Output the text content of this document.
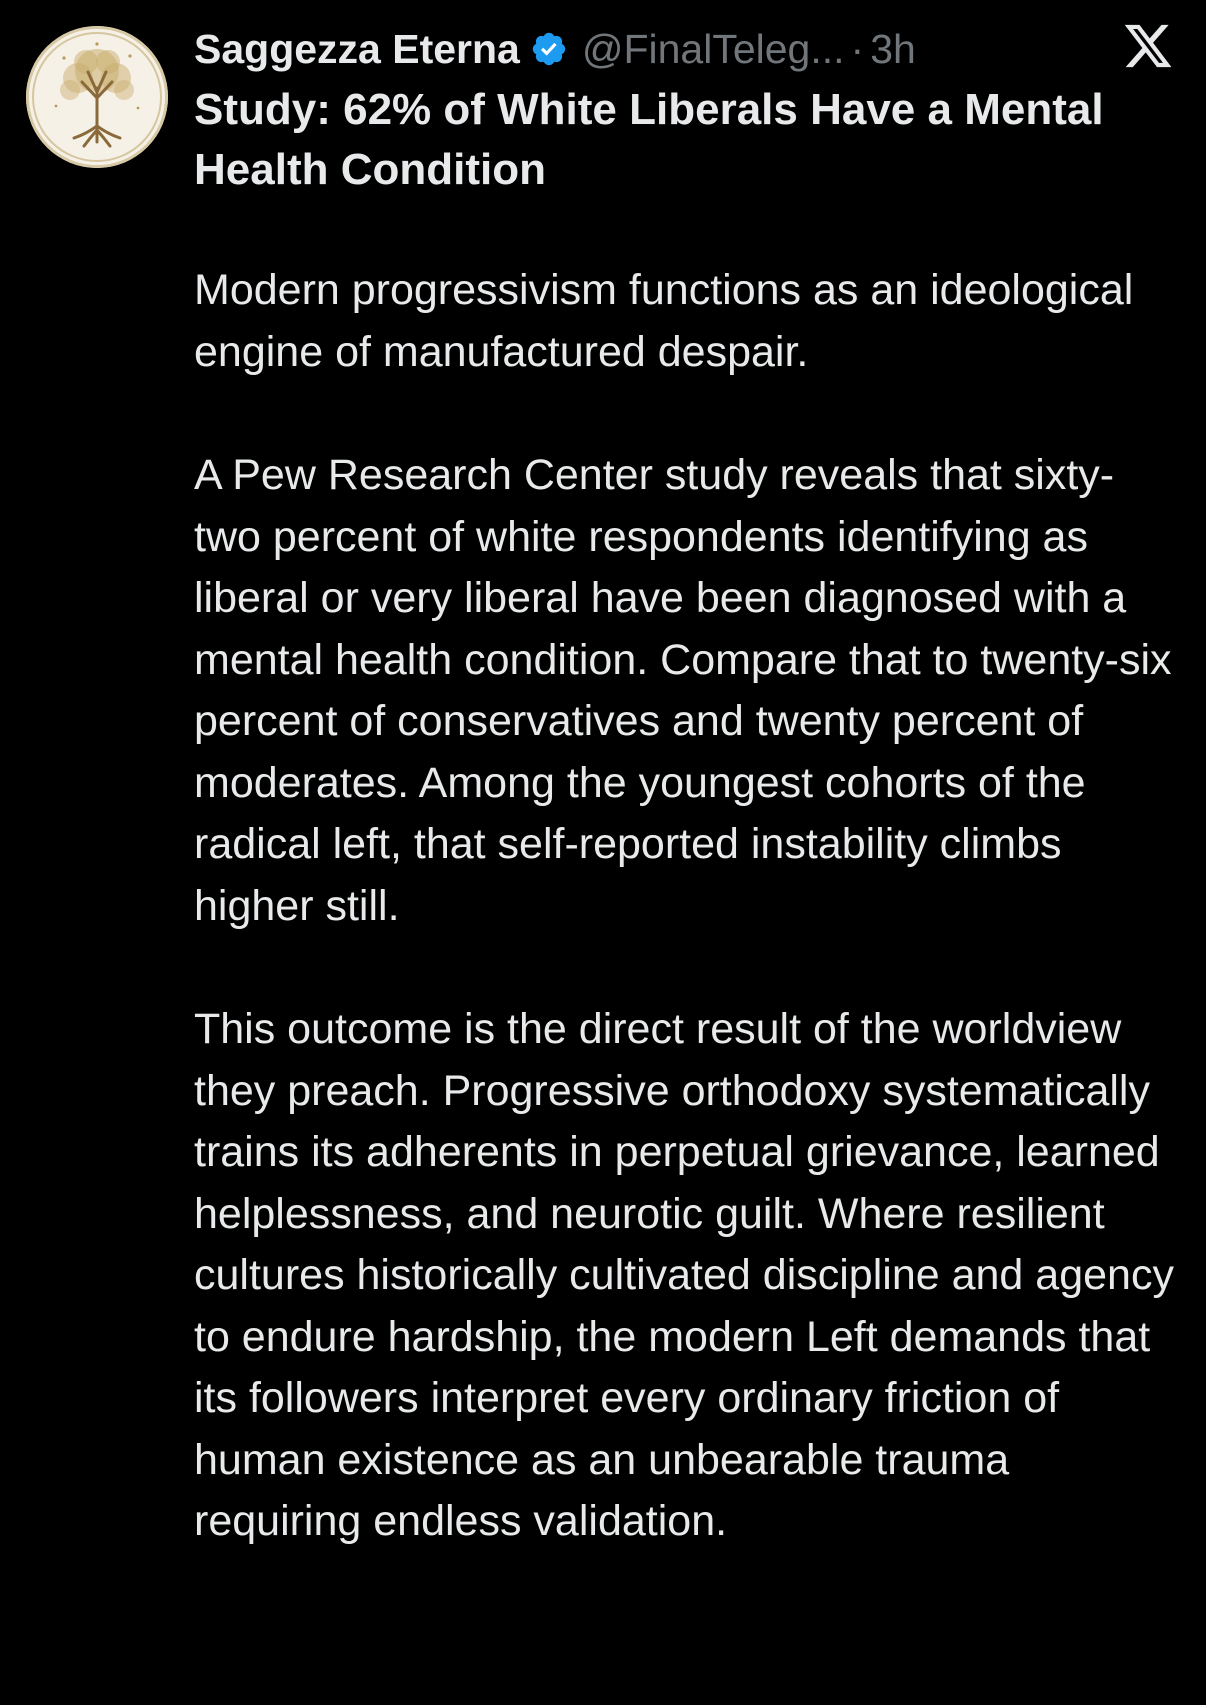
Saggezza Eterna @FinalTeleg... · 3h

Study: 62% of White Liberals Have a Mental Health Condition

Modern progressivism functions as an ideological engine of manufactured despair.

A Pew Research Center study reveals that sixty-two percent of white respondents identifying as liberal or very liberal have been diagnosed with a mental health condition. Compare that to twenty-six percent of conservatives and twenty percent of moderates. Among the youngest cohorts of the radical left, that self-reported instability climbs higher still.

This outcome is the direct result of the worldview they preach. Progressive orthodoxy systematically trains its adherents in perpetual grievance, learned helplessness, and neurotic guilt. Where resilient cultures historically cultivated discipline and agency to endure hardship, the modern Left demands that its followers interpret every ordinary friction of human existence as an unbearable trauma requiring endless validation.
